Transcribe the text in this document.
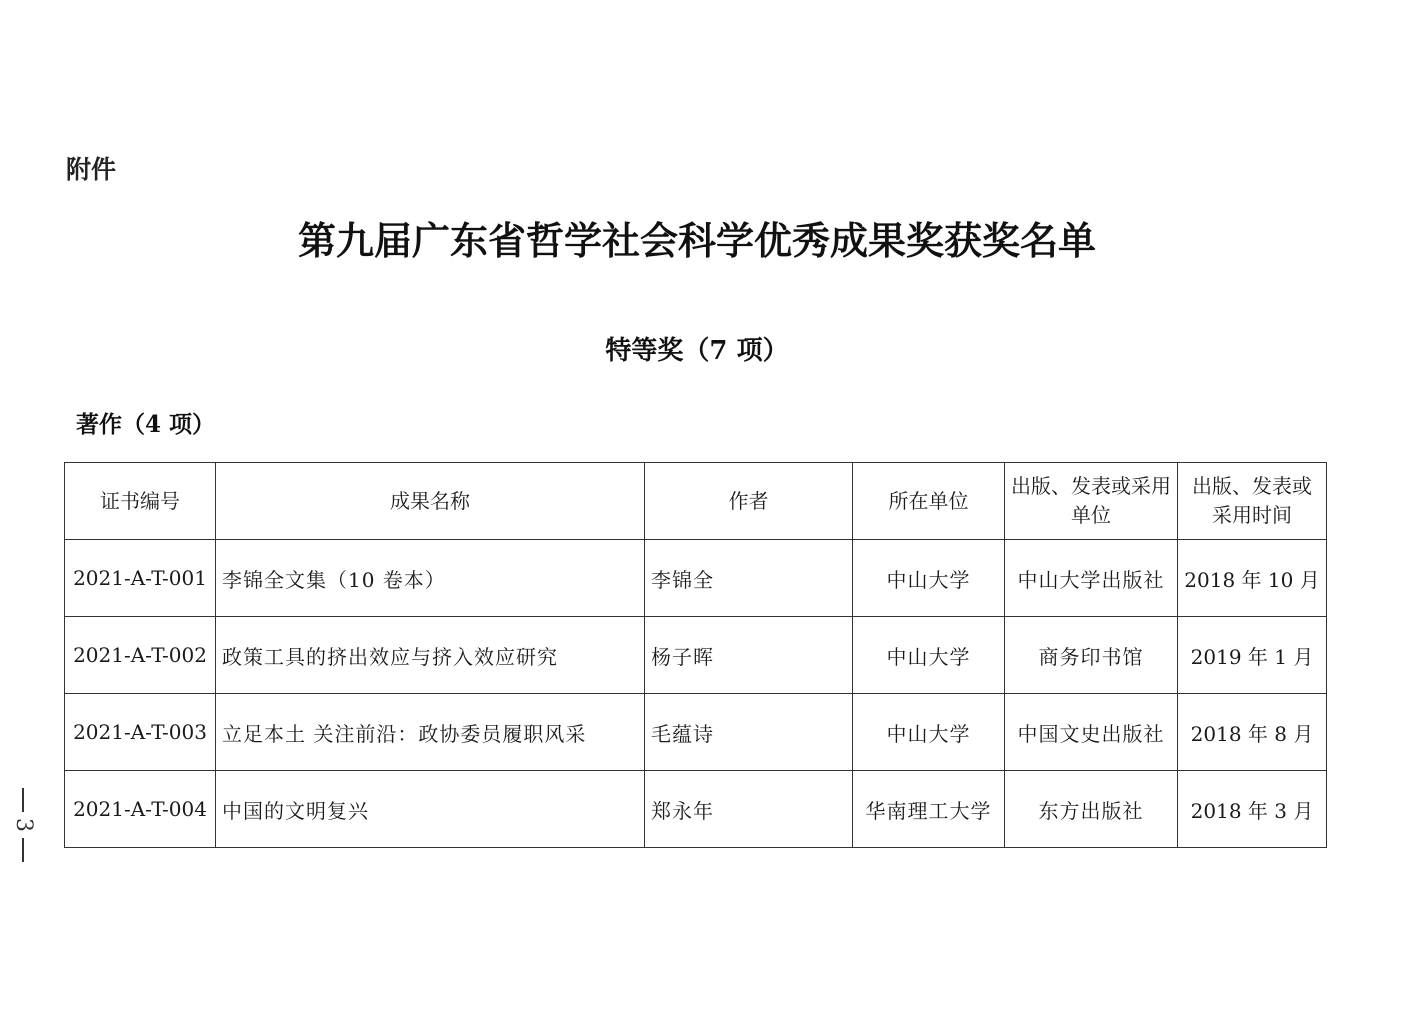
附件
第九届广东省哲学社会科学优秀成果奖获奖名单
特等奖（7 项）
著作（4 项）
证书编号	成果名称	作者	所在单位	出版、发表或采用单位	出版、发表或采用时间
2021-A-T-001	李锦全文集（10 卷本）	李锦全	中山大学	中山大学出版社	2018 年 10 月
2021-A-T-002	政策工具的挤出效应与挤入效应研究	杨子晖	中山大学	商务印书馆	2019 年 1 月
2021-A-T-003	立足本土 关注前沿：政协委员履职风采	毛蕴诗	中山大学	中国文史出版社	2018 年 8 月
2021-A-T-004	中国的文明复兴	郑永年	华南理工大学	东方出版社	2018 年 3 月
3
